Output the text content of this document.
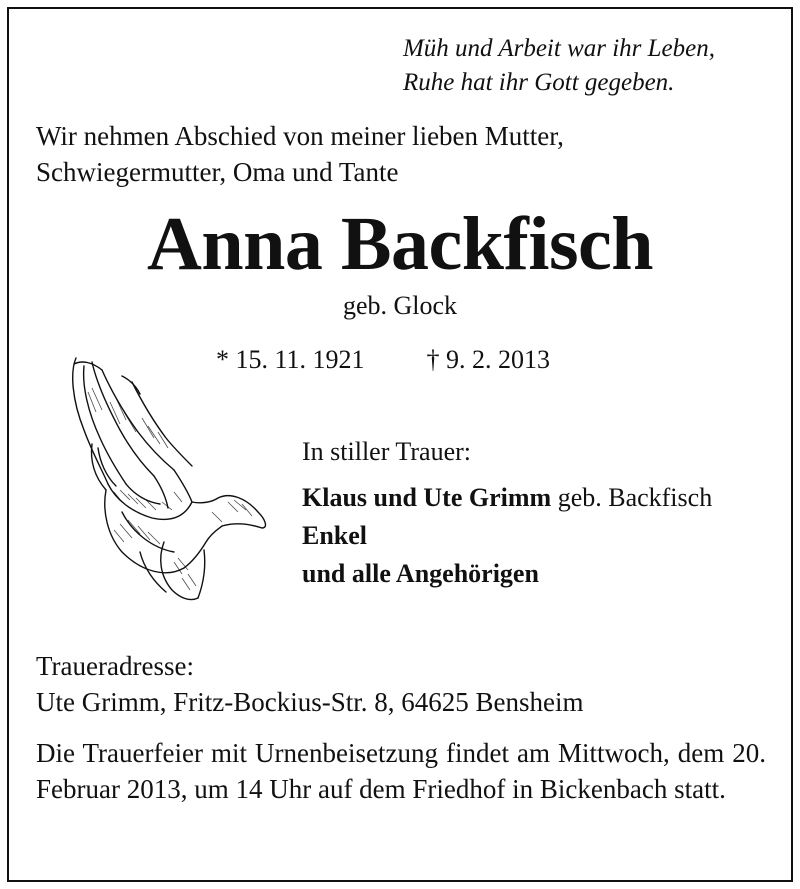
Müh und Arbeit war ihr Leben,
Ruhe hat ihr Gott gegeben.
Wir nehmen Abschied von meiner lieben Mutter,
Schwiegermutter, Oma und Tante
Anna Backfisch
geb. Glock
* 15. 11. 1921 † 9. 2. 2013
In stiller Trauer:
Klaus und Ute Grimm geb. Backfisch
Enkel
und alle Angehörigen
Traueradresse:
Ute Grimm, Fritz-Bockius-Str. 8, 64625 Bensheim
Die Trauerfeier mit Urnenbeisetzung findet am Mittwoch, dem 20. Februar 2013, um 14 Uhr auf dem Friedhof in Bickenbach statt.
